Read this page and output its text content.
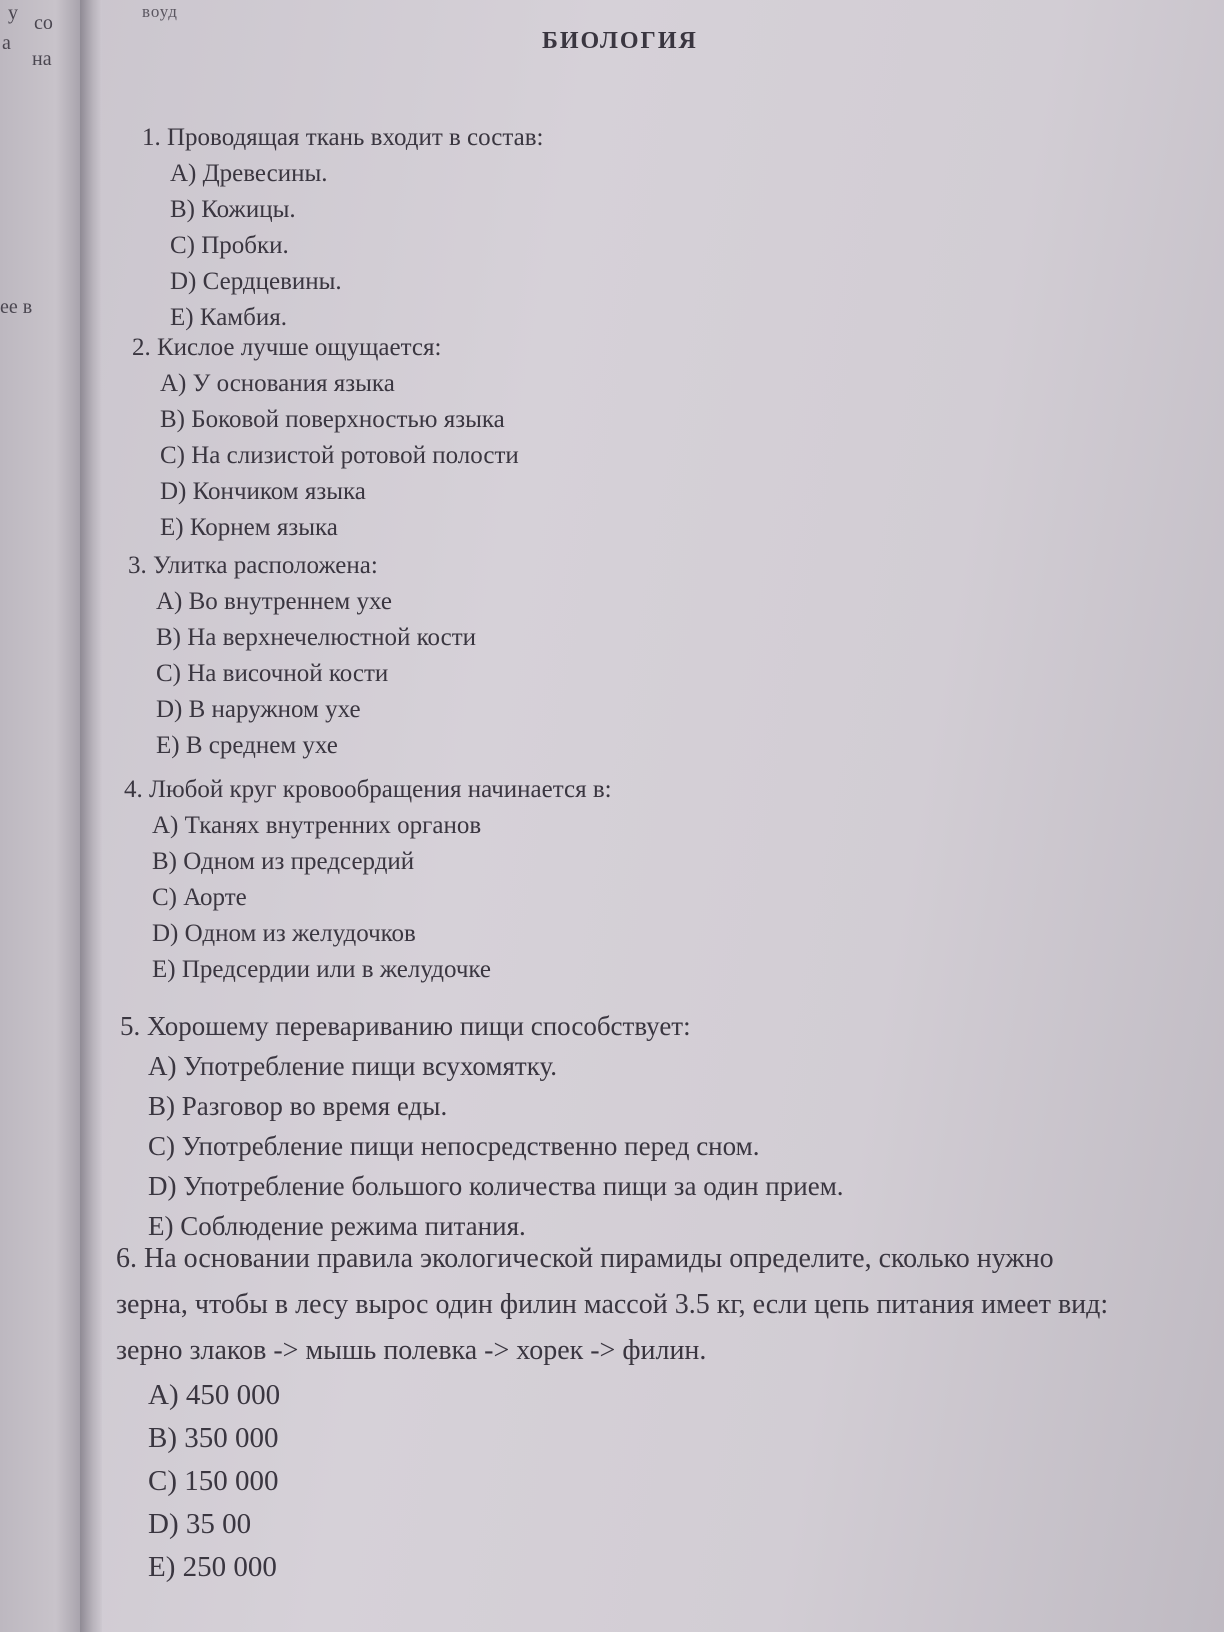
у со
а
на
ее в
воуд
БИОЛОГИЯ
1. Проводящая ткань входит в состав:
A) Древесины.
B) Кожицы.
C) Пробки.
D) Сердцевины.
E) Камбия.
2. Кислое лучше ощущается:
A) У основания языка
B) Боковой поверхностью языка
C) На слизистой ротовой полости
D) Кончиком языка
E) Корнем языка
3. Улитка расположена:
A) Во внутреннем ухе
B) На верхнечелюстной кости
C) На височной кости
D) В наружном ухе
E) В среднем ухе
4. Любой круг кровообращения начинается в:
A) Тканях внутренних органов
B) Одном из предсердий
C) Аорте
D) Одном из желудочков
E) Предсердии или в желудочке
5. Хорошему перевариванию пищи способствует:
A) Употребление пищи всухомятку.
B) Разговор во время еды.
C) Употребление пищи непосредственно перед сном.
D) Употребление большого количества пищи за один прием.
E) Соблюдение режима питания.
6. На основании правила экологической пирамиды определите, сколько нужно зерна, чтобы в лесу вырос один филин массой 3.5 кг, если цепь питания имеет вид: зерно злаков -> мышь полевка -> хорек -> филин.
A) 450 000
B) 350 000
C) 150 000
D) 35 00
E) 250 000
